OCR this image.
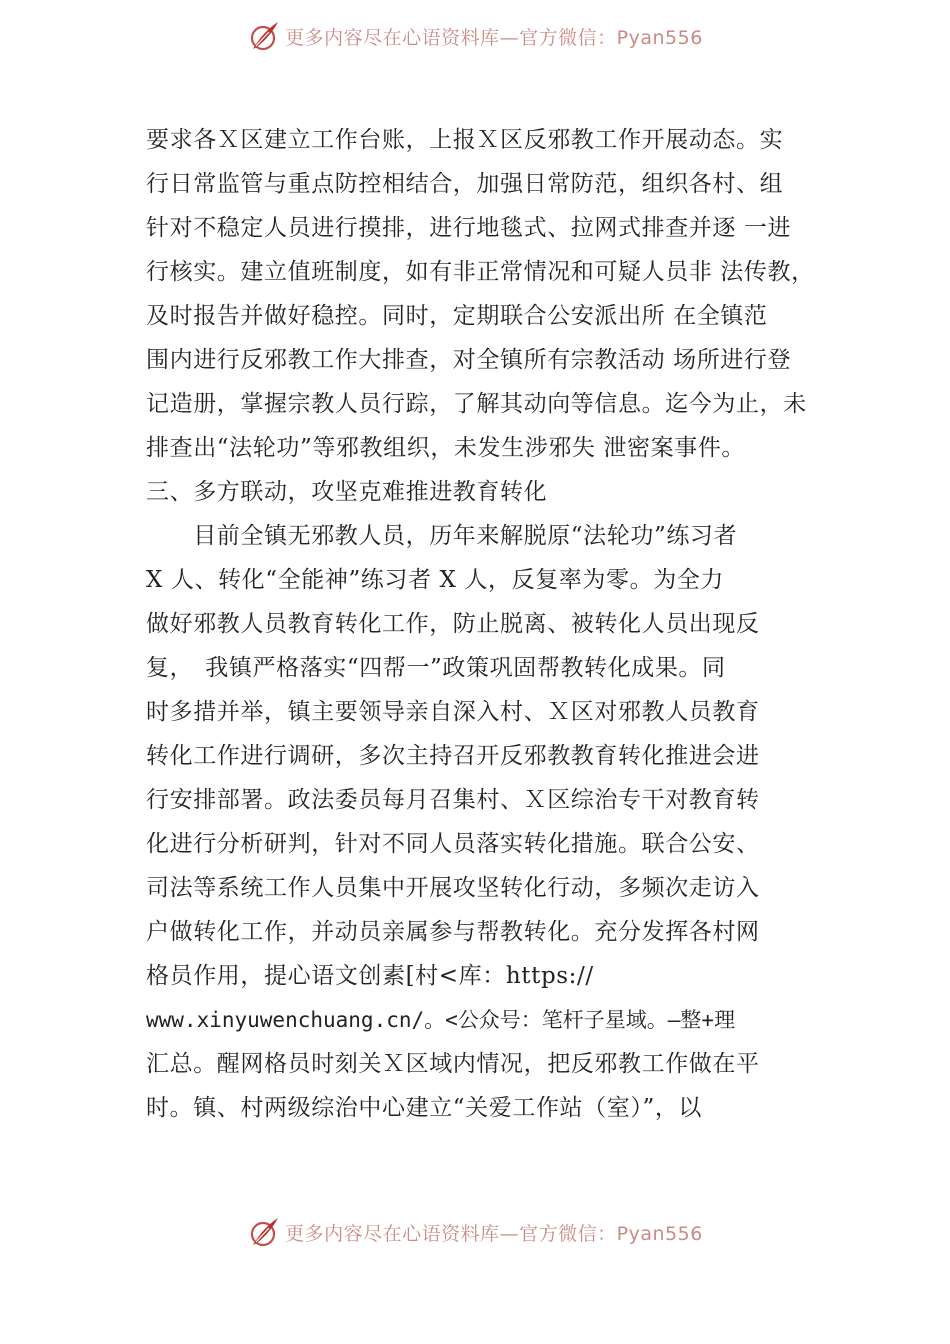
更多内容尽在心语资料库—官方微信：Pyan556
要求各Ｘ区建立工作台账，上报Ｘ区反邪教工作开展动态。实
行日常监管与重点防控相结合，加强日常防范，组织各村、组
针对不稳定人员进行摸排，进行地毯式、拉网式排查并逐 一进
行核实。建立值班制度，如有非正常情况和可疑人员非 法传教，
及时报告并做好稳控。同时，定期联合公安派出所 在全镇范
围内进行反邪教工作大排查，对全镇所有宗教活动 场所进行登
记造册，掌握宗教人员行踪，了解其动向等信息。迄今为止，未
排查出“法轮功”等邪教组织，未发生涉邪失 泄密案事件。
三、多方联动，攻坚克难推进教育转化
　　目前全镇无邪教人员，历年来解脱原“法轮功”练习者
X 人、转化“全能神”练习者 X 人，反复率为零。为全力
做好邪教人员教育转化工作，防止脱离、被转化人员出现反
复，　我镇严格落实“四帮一”政策巩固帮教转化成果。同
时多措并举，镇主要领导亲自深入村、Ｘ区对邪教人员教育
转化工作进行调研，多次主持召开反邪教教育转化推进会进
行安排部署。政法委员每月召集村、Ｘ区综治专干对教育转
化进行分析研判，针对不同人员落实转化措施。联合公安、
司法等系统工作人员集中开展攻坚转化行动，多频次走访入
户做转化工作，并动员亲属参与帮教转化。充分发挥各村网
格员作用，提心语文创素[村<库：https://
www.xinyuwenchuang.cn/。<公众号：笔杆子星域。—整+理
汇总。醒网格员时刻关Ｘ区域内情况，把反邪教工作做在平
时。镇、村两级综治中心建立“关爱工作站（室）”，以
更多内容尽在心语资料库—官方微信：Pyan556
